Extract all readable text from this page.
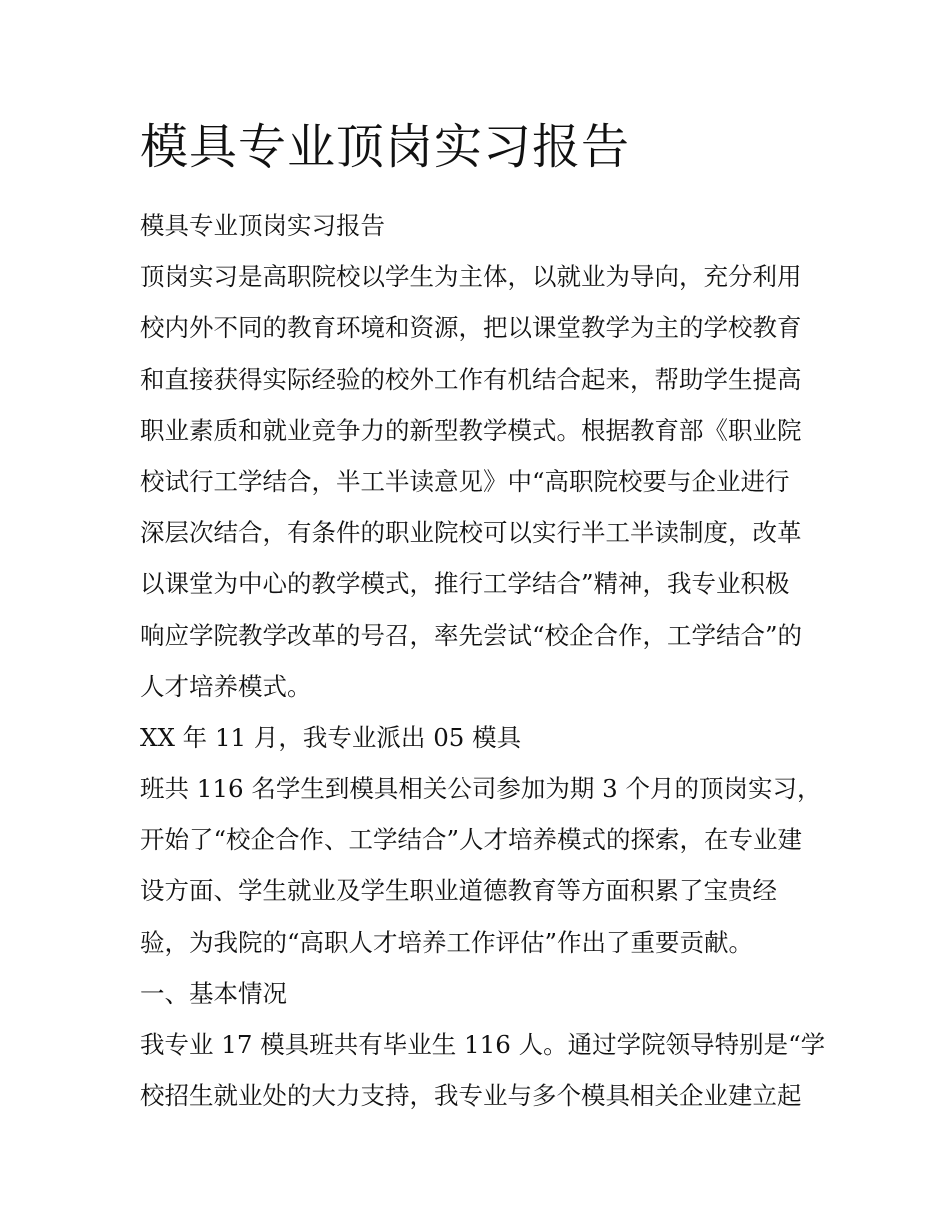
模具专业顶岗实习报告
模具专业顶岗实习报告
顶岗实习是高职院校以学生为主体，以就业为导向，充分利用
校内外不同的教育环境和资源，把以课堂教学为主的学校教育
和直接获得实际经验的校外工作有机结合起来，帮助学生提高
职业素质和就业竞争力的新型教学模式。根据教育部《职业院
校试行工学结合，半工半读意见》中“高职院校要与企业进行
深层次结合，有条件的职业院校可以实行半工半读制度，改革
以课堂为中心的教学模式，推行工学结合”精神，我专业积极
响应学院教学改革的号召，率先尝试“校企合作，工学结合”的
人才培养模式。
XX 年 11 月，我专业派出 05 模具
班共 116 名学生到模具相关公司参加为期 3 个月的顶岗实习，
开始了“校企合作、工学结合”人才培养模式的探索，在专业建
设方面、学生就业及学生职业道德教育等方面积累了宝贵经
验，为我院的“高职人才培养工作评估”作出了重要贡献。
一、基本情况
我专业 17 模具班共有毕业生 116 人。通过学院领导特别是“学
校招生就业处的大力支持，我专业与多个模具相关企业建立起
